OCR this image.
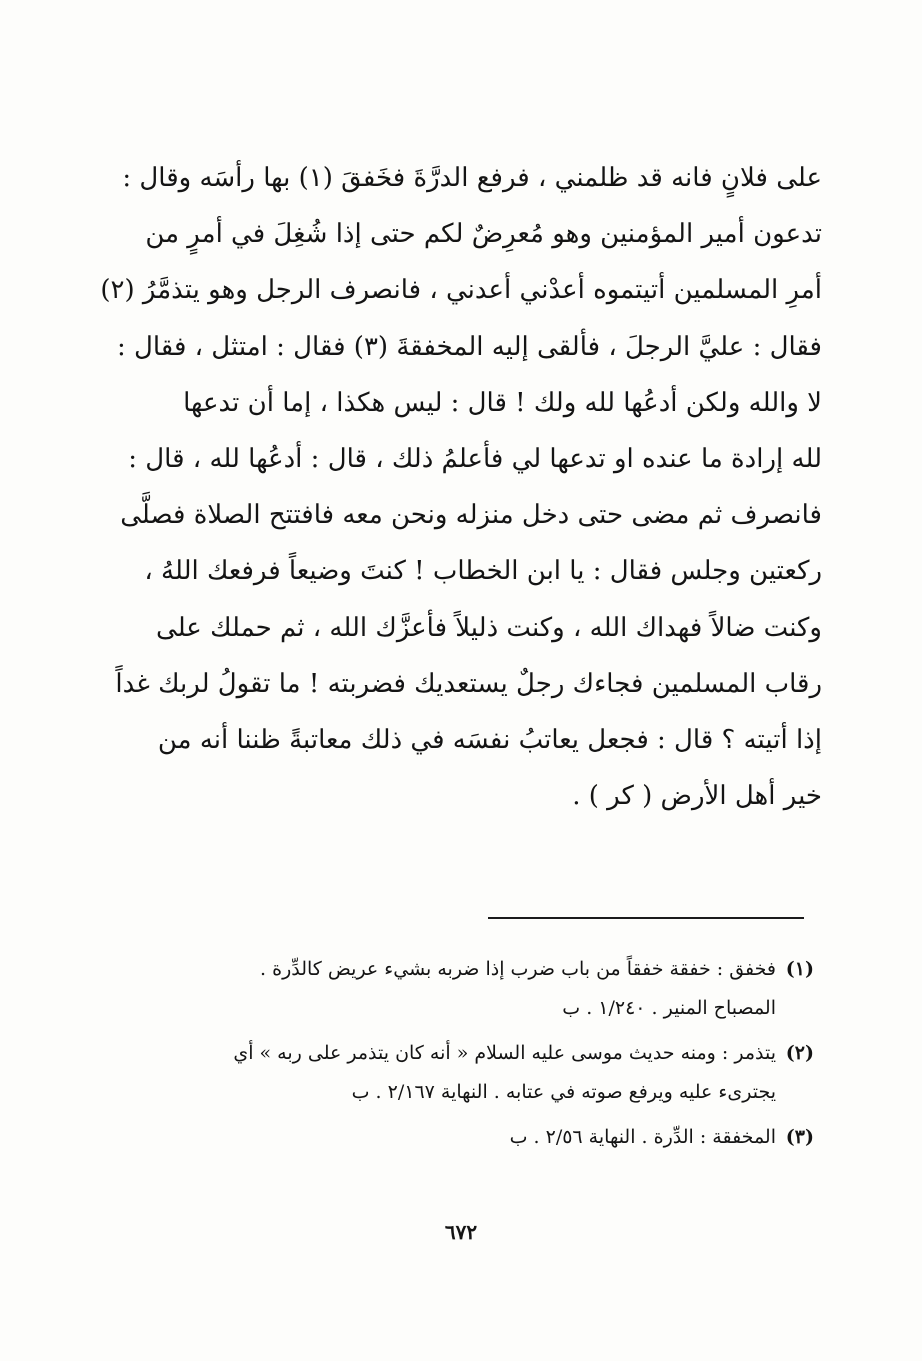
على فلانٍ فانه قد ظلمني ، فرفع الدرَّةَ فخَفقَ (١) بها رأسَه وقال :
تدعون أمير المؤمنين وهو مُعرِضٌ لكم حتى إذا شُغِلَ في أمرٍ من
أمرِ المسلمين أتيتموه أعدْني أعدني ، فانصرف الرجل وهو يتذمَّرُ (٢)
فقال : عليَّ الرجلَ ، فألقى إليه المخفقةَ (٣) فقال : امتثل ، فقال :
لا والله ولكن أدعُها لله ولك ! قال : ليس هكذا ، إما أن تدعها
لله إرادة ما عنده او تدعها لي فأعلمُ ذلك ، قال : أدعُها لله ، قال :
فانصرف ثم مضى حتى دخل منزله ونحن معه فافتتح الصلاة فصلَّى
ركعتين وجلس فقال : يا ابن الخطاب ! كنتَ وضيعاً فرفعك اللهُ ،
وكنت ضالاً فهداك الله ، وكنت ذليلاً فأعزَّك الله ، ثم حملك على
رقاب المسلمين فجاءك رجلٌ يستعديك فضربته ! ما تقولُ لربك غداً
إذا أتيته ؟ قال : فجعل يعاتبُ نفسَه في ذلك معاتبةً ظننا أنه من
خير أهل الأرض ( كر ) .
(١)
فخفق : خفقة خفقاً من باب ضرب إذا ضربه بشيء عريض كالدِّرة .
المصباح المنير . ١/٢٤٠ . ب
(٢)
يتذمر : ومنه حديث موسى عليه السلام « أنه كان يتذمر على ربه » أي
يجترىء عليه ويرفع صوته في عتابه . النهاية ٢/١٦٧ . ب
(٣)
المخفقة : الدِّرة . النهاية ٢/٥٦ . ب
٦٧٢
